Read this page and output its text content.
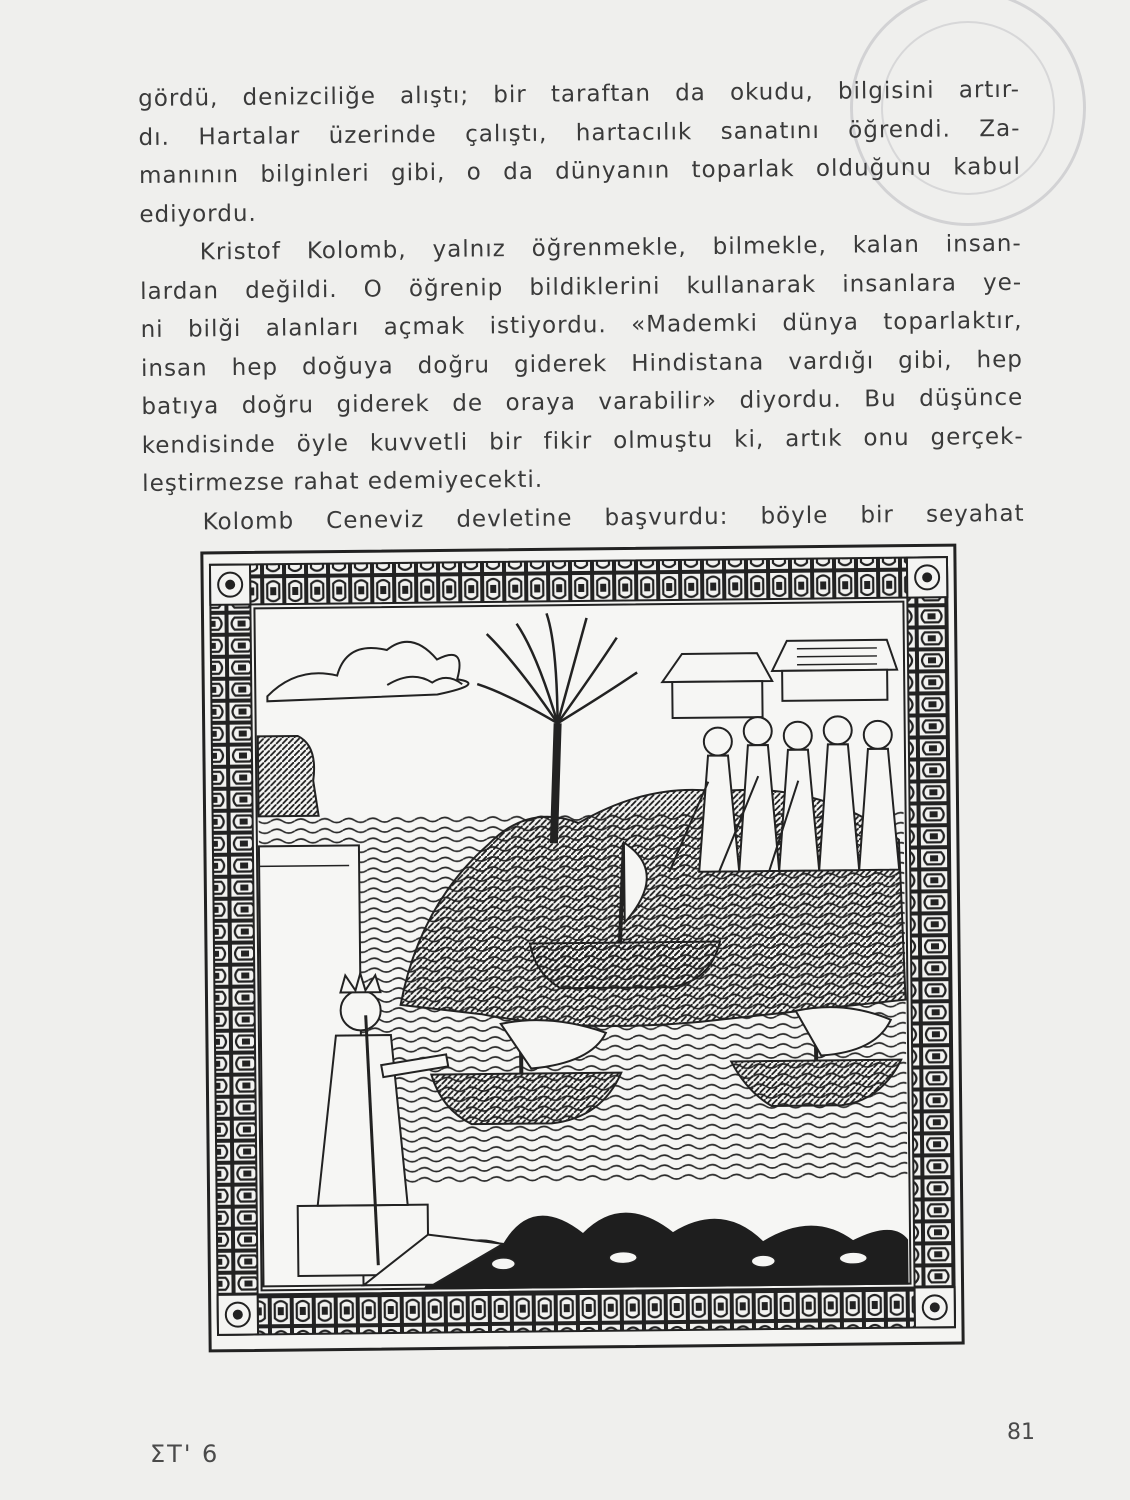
gördü, denizciliğe alıştı; bir taraftan da okudu, bilgisini artır-
dı. Hartalar üzerinde çalıştı, hartacılık sanatını öğrendi. Za-
manının bilginleri gibi, o da dünyanın toparlak olduğunu kabul
ediyordu.
Kristof Kolomb, yalnız öğrenmekle, bilmekle, kalan insan-
lardan değildi. O öğrenip bildiklerini kullanarak insanlara ye-
ni bilği alanları açmak istiyordu. «Mademki dünya toparlaktır,
insan hep doğuya doğru giderek Hindistana vardığı gibi, hep
batıya doğru giderek de oraya varabilir» diyordu. Bu düşünce
kendisinde öyle kuvvetli bir fikir olmuştu ki, artık onu gerçek-
leştirmezse rahat edemiyecekti.
Kolomb Ceneviz devletine başvurdu: böyle bir seyahat
ΣΤ' 6
81
